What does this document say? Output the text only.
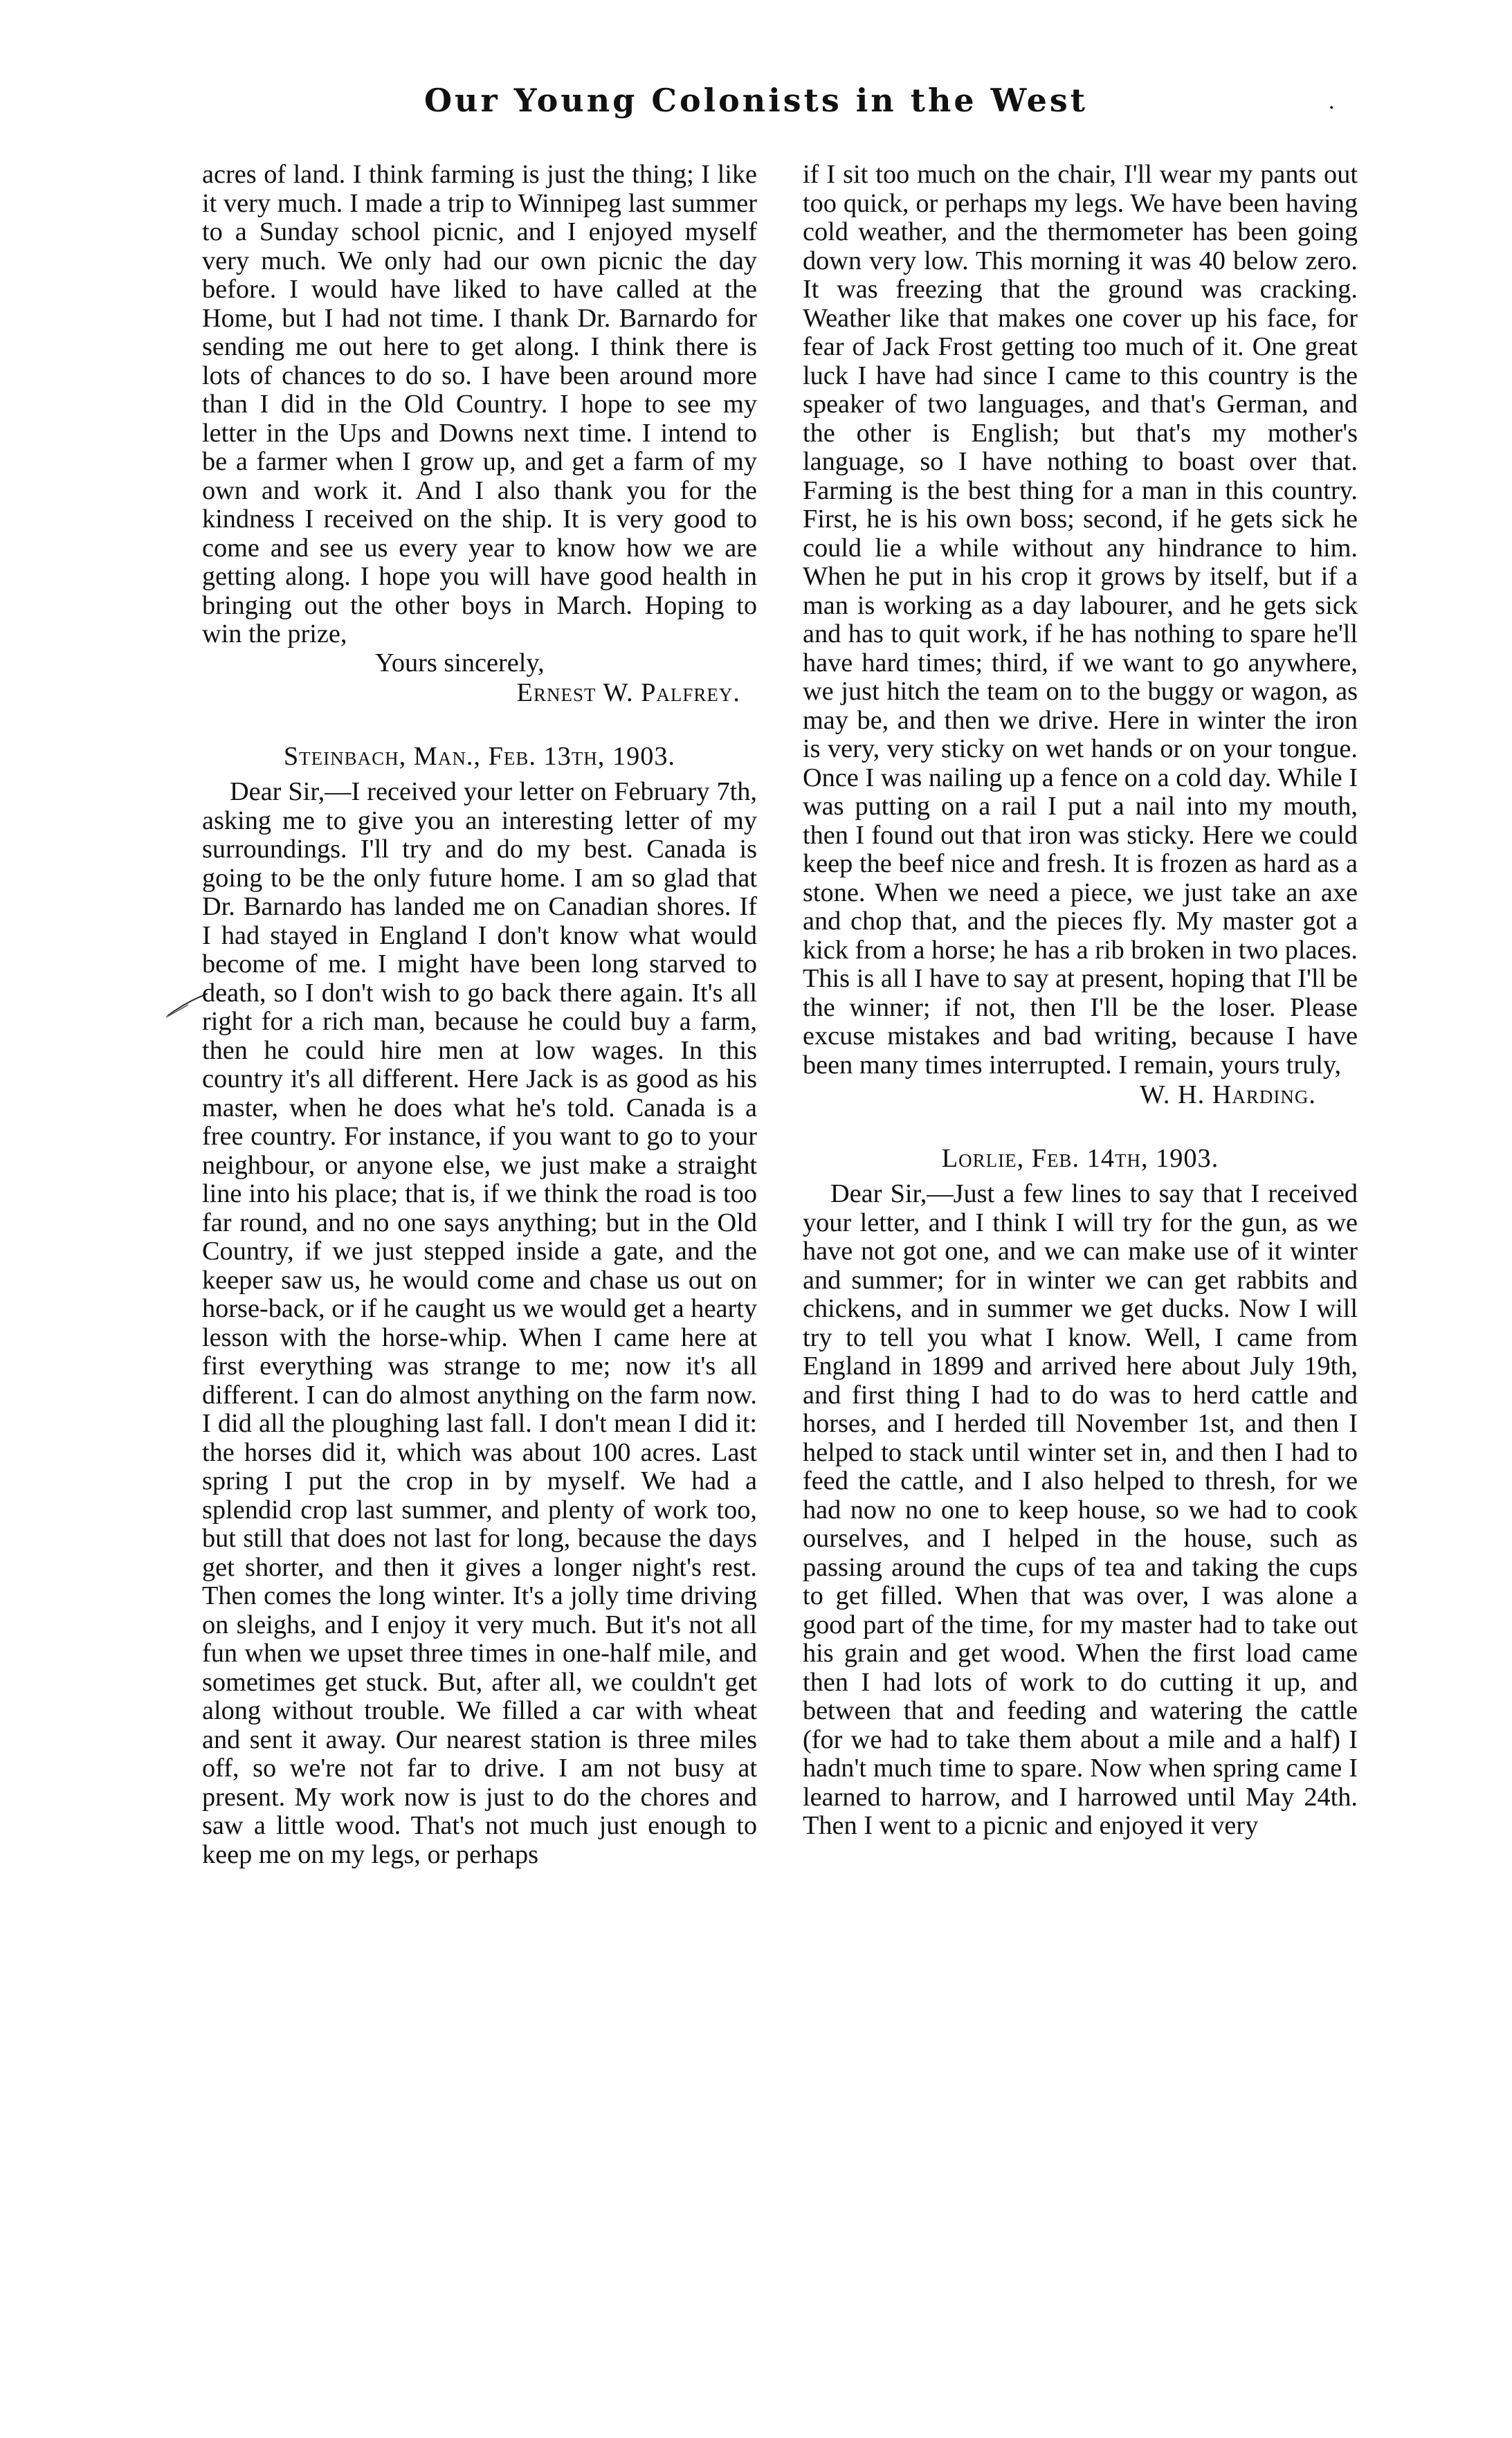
Our Young Colonists in the West	.

acres of land. I think farming is just the thing; I like it very much. I made a trip to Winnipeg last summer to a Sunday school picnic, and I enjoyed myself very much. We only had our own picnic the day before. I would have liked to have called at the Home, but I had not time. I thank Dr. Barnardo for sending me out here to get along. I think there is lots of chances to do so. I have been around more than I did in the Old Country. I hope to see my letter in the Ups and Downs next time. I intend to be a farmer when I grow up, and get a farm of my own and work it. And I also thank you for the kindness I received on the ship. It is very good to come and see us every year to know how we are getting along. I hope you will have good health in bringing out the other boys in March. Hoping to win the prize,

Yours sincerely,

Ernest W. Palfrey.

Steinbach, Man., Feb. 13th, 1903.

Dear Sir,—I received your letter on February 7th, asking me to give you an interesting letter of my surroundings. I'll try and do my best. Canada is going to be the only future home. I am so glad that Dr. Barnardo has landed me on Canadian shores. If I had stayed in England I don't know what would become of me. I might have been long starved to death, so I don't wish to go back there again. It's all right for a rich man, because he could buy a farm, then he could hire men at low wages. In this country it's all different. Here Jack is as good as his master, when he does what he's told. Canada is a free country. For instance, if you want to go to your neighbour, or anyone else, we just make a straight line into his place; that is, if we think the road is too far round, and no one says anything; but in the Old Country, if we just stepped inside a gate, and the keeper saw us, he would come and chase us out on horse-back, or if he caught us we would get a hearty lesson with the horse-whip. When I came here at first everything was strange to me; now it's all different. I can do almost anything on the farm now. I did all the ploughing last fall. I don't mean I did it: the horses did it, which was about 100 acres. Last spring I put the crop in by myself. We had a splendid crop last summer, and plenty of work too, but still that does not last for long, because the days get shorter, and then it gives a longer night's rest. Then comes the long winter. It's a jolly time driving on sleighs, and I enjoy it very much. But it's not all fun when we upset three times in one-half mile, and sometimes get stuck. But, after all, we couldn't get along without trouble. We filled a car with wheat and sent it away. Our nearest station is three miles off, so we're not far to drive. I am not busy at present. My work now is just to do the chores and saw a little wood. That's not much just enough to keep me on my legs, or perhaps

if I sit too much on the chair, I'll wear my pants out too quick, or perhaps my legs. We have been having cold weather, and the thermometer has been going down very low. This morning it was 40 below zero. It was freezing that the ground was cracking. Weather like that makes one cover up his face, for fear of Jack Frost getting too much of it. One great luck I have had since I came to this country is the speaker of two languages, and that's German, and the other is English; but that's my mother's language, so I have nothing to boast over that. Farming is the best thing for a man in this country. First, he is his own boss; second, if he gets sick he could lie a while without any hindrance to him. When he put in his crop it grows by itself, but if a man is working as a day labourer, and he gets sick and has to quit work, if he has nothing to spare he'll have hard times; third, if we want to go anywhere, we just hitch the team on to the buggy or wagon, as may be, and then we drive. Here in winter the iron is very, very sticky on wet hands or on your tongue. Once I was nailing up a fence on a cold day. While I was putting on a rail I put a nail into my mouth, then I found out that iron was sticky. Here we could keep the beef nice and fresh. It is frozen as hard as a stone. When we need a piece, we just take an axe and chop that, and the pieces fly. My master got a kick from a horse; he has a rib broken in two places. This is all I have to say at present, hoping that I'll be the winner; if not, then I'll be the loser. Please excuse mistakes and bad writing, because I have been many times interrupted. I remain, yours truly,

W. H. Harding.

Lorlie, Feb. 14th, 1903.

Dear Sir,—Just a few lines to say that I received your letter, and I think I will try for the gun, as we have not got one, and we can make use of it winter and summer; for in winter we can get rabbits and chickens, and in summer we get ducks. Now I will try to tell you what I know. Well, I came from England in 1899 and arrived here about July 19th, and first thing I had to do was to herd cattle and horses, and I herded till November 1st, and then I helped to stack until winter set in, and then I had to feed the cattle, and I also helped to thresh, for we had now no one to keep house, so we had to cook ourselves, and I helped in the house, such as passing around the cups of tea and taking the cups to get filled. When that was over, I was alone a good part of the time, for my master had to take out his grain and get wood. When the first load came then I had lots of work to do cutting it up, and between that and feeding and watering the cattle (for we had to take them about a mile and a half) I hadn't much time to spare. Now when spring came I learned to harrow, and I harrowed until May 24th. Then I went to a picnic and enjoyed it very
